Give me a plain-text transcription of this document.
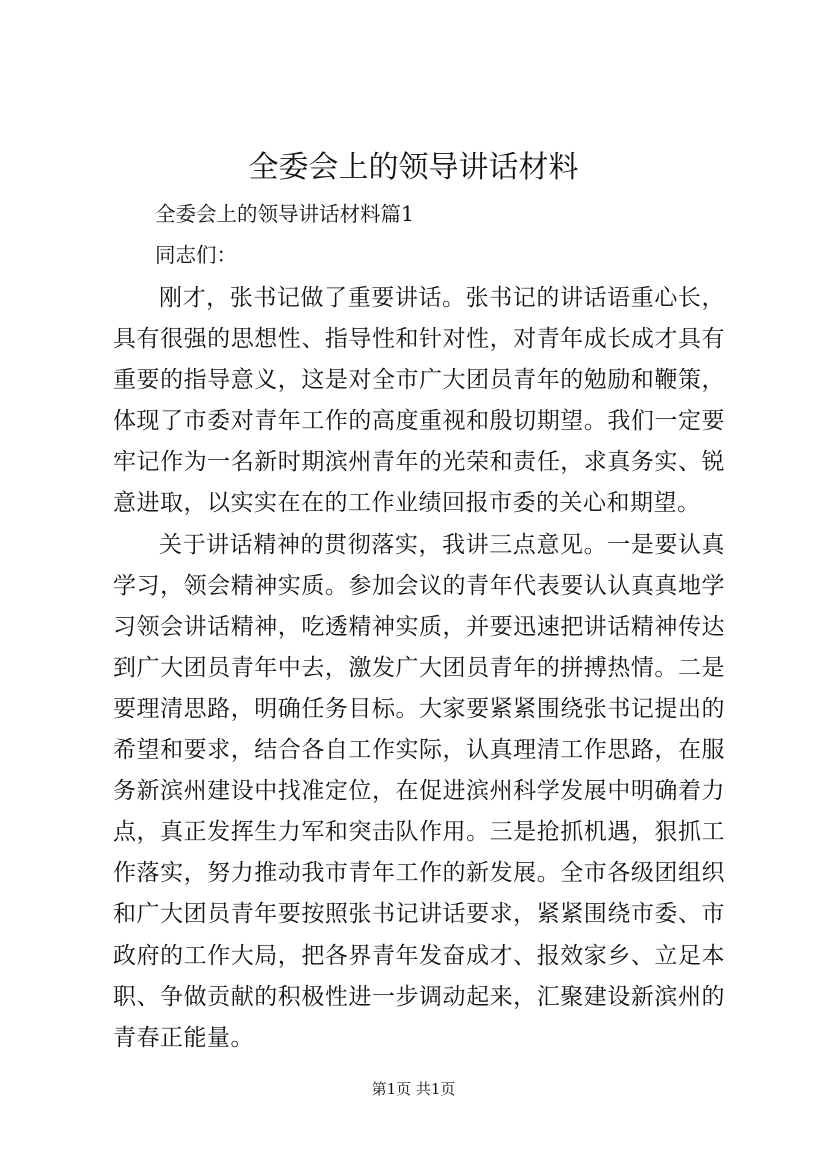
全委会上的领导讲话材料

全委会上的领导讲话材料篇1

同志们：

刚才，张书记做了重要讲话。张书记的讲话语重心长，具有很强的思想性、指导性和针对性，对青年成长成才具有重要的指导意义，这是对全市广大团员青年的勉励和鞭策，体现了市委对青年工作的高度重视和殷切期望。我们一定要牢记作为一名新时期滨州青年的光荣和责任，求真务实、锐意进取，以实实在在的工作业绩回报市委的关心和期望。

关于讲话精神的贯彻落实，我讲三点意见。一是要认真学习，领会精神实质。参加会议的青年代表要认认真真地学习领会讲话精神，吃透精神实质，并要迅速把讲话精神传达到广大团员青年中去，激发广大团员青年的拼搏热情。二是要理清思路，明确任务目标。大家要紧紧围绕张书记提出的希望和要求，结合各自工作实际，认真理清工作思路，在服务新滨州建设中找准定位，在促进滨州科学发展中明确着力点，真正发挥生力军和突击队作用。三是抢抓机遇，狠抓工作落实，努力推动我市青年工作的新发展。全市各级团组织和广大团员青年要按照张书记讲话要求，紧紧围绕市委、市政府的工作大局，把各界青年发奋成才、报效家乡、立足本职、争做贡献的积极性进一步调动起来，汇聚建设新滨州的青春正能量。

第1页 共1页
